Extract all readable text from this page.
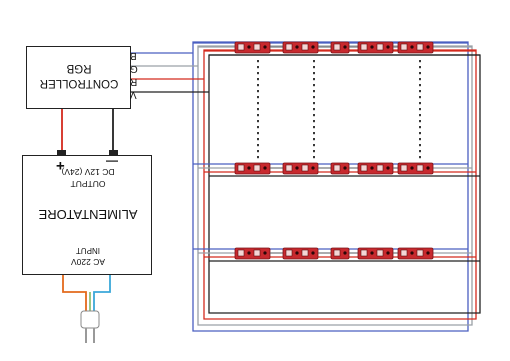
CONTROLLER
RGB
V
R
G
B
DC 12V (24V)
OUTPUT
ALIMENTATORE
INPUT
AC 220V
+	—
